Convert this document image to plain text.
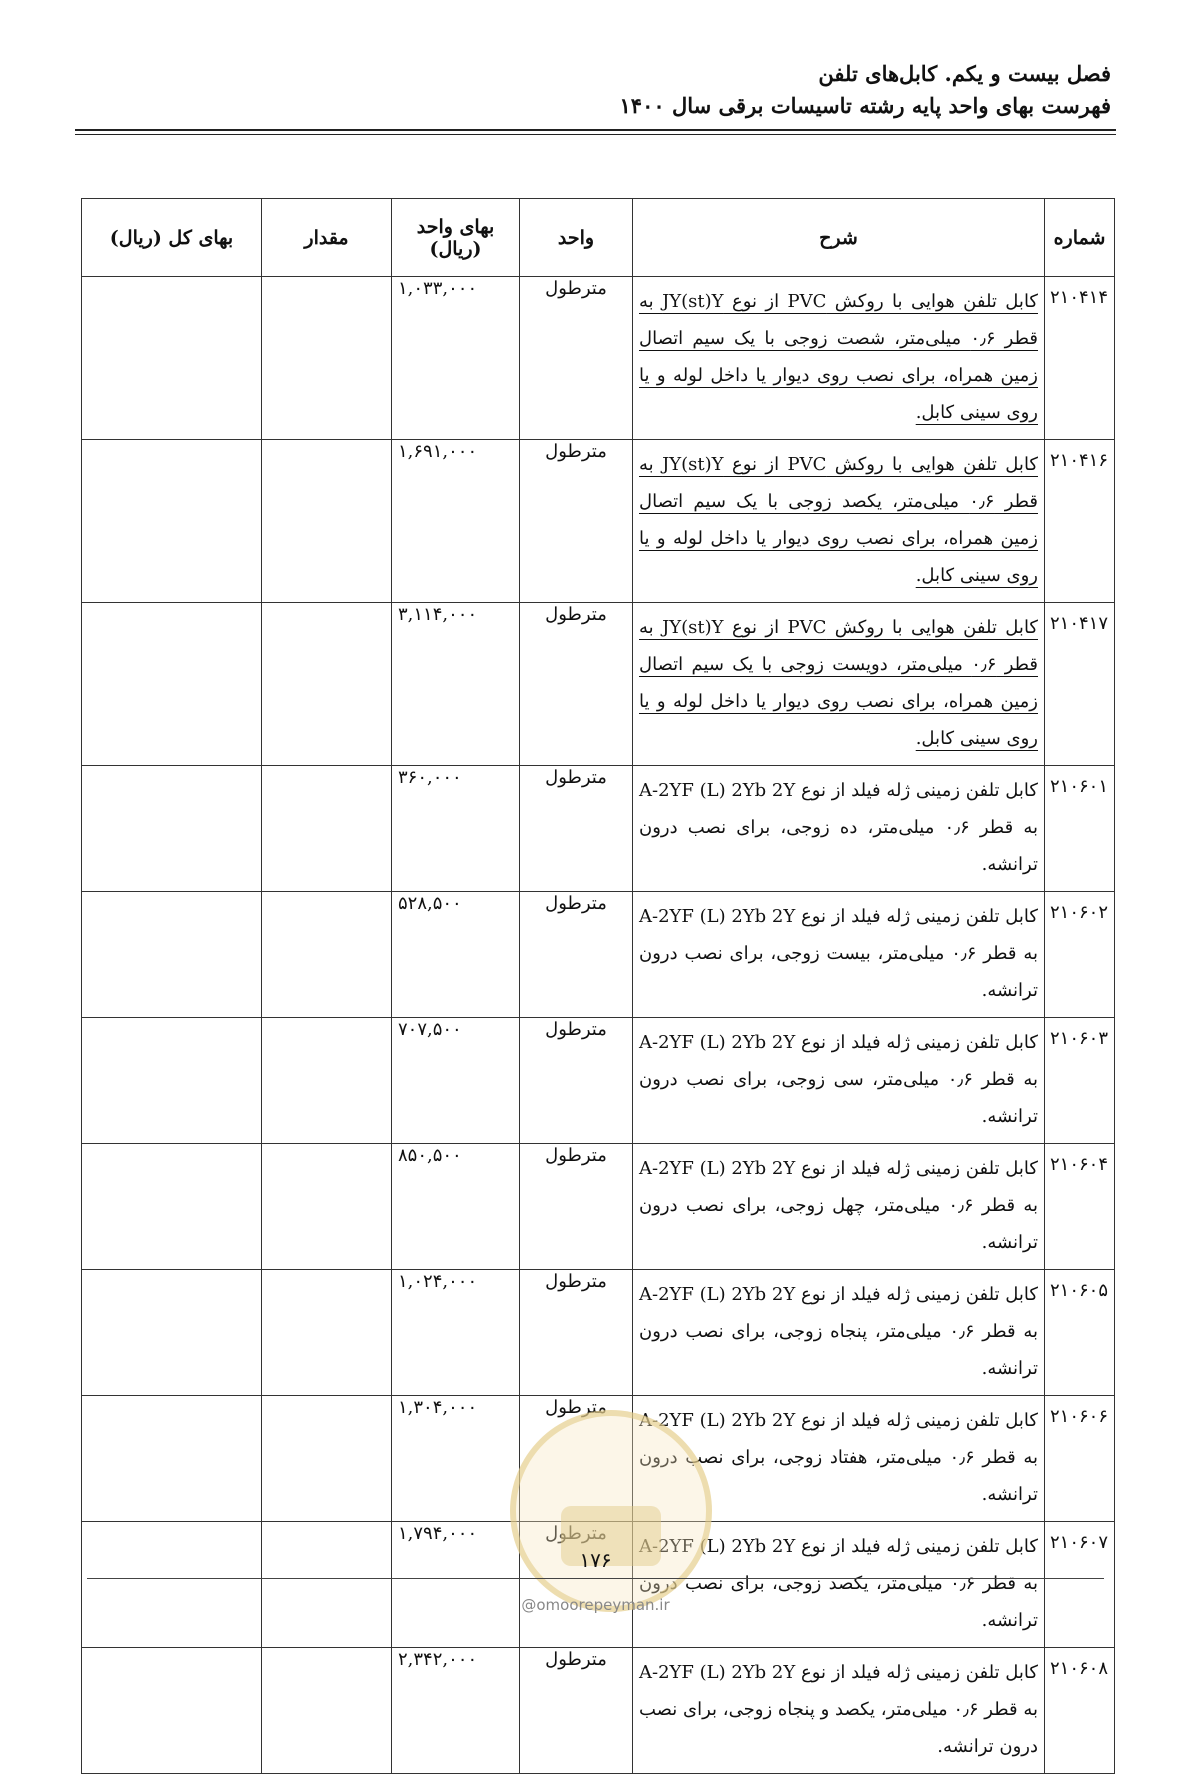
فصل بیست و یکم. کابل‌های تلفن
فهرست بهای واحد پایه رشته تاسیسات برقی سال ۱۴۰۰
شماره	شرح	واحد	بهای واحد (ریال)	مقدار	بهای کل (ریال)
۲۱۰۴۱۴	کابل تلفن هوایی با روکش PVC از نوع JY(st)Y به قطر ۰٫۶ میلی‌متر، شصت زوجی با یک سیم اتصال زمین همراه، برای نصب روی دیوار یا داخل لوله و یا روی سینی کابل.	مترطول	۱,۰۳۳,۰۰۰		
۲۱۰۴۱۶	کابل تلفن هوایی با روکش PVC از نوع JY(st)Y به قطر ۰٫۶ میلی‌متر، یکصد زوجی با یک سیم اتصال زمین همراه، برای نصب روی دیوار یا داخل لوله و یا روی سینی کابل.	مترطول	۱,۶۹۱,۰۰۰		
۲۱۰۴۱۷	کابل تلفن هوایی با روکش PVC از نوع JY(st)Y به قطر ۰٫۶ میلی‌متر، دویست زوجی با یک سیم اتصال زمین همراه، برای نصب روی دیوار یا داخل لوله و یا روی سینی کابل.	مترطول	۳,۱۱۴,۰۰۰		
۲۱۰۶۰۱	کابل تلفن زمینی ژله فیلد از نوع A-2YF (L) 2Yb 2Y به قطر ۰٫۶ میلی‌متر، ده زوجی، برای نصب درون ترانشه.	مترطول	۳۶۰,۰۰۰		
۲۱۰۶۰۲	کابل تلفن زمینی ژله فیلد از نوع A-2YF (L) 2Yb 2Y به قطر ۰٫۶ میلی‌متر، بیست زوجی، برای نصب درون ترانشه.	مترطول	۵۲۸,۵۰۰		
۲۱۰۶۰۳	کابل تلفن زمینی ژله فیلد از نوع A-2YF (L) 2Yb 2Y به قطر ۰٫۶ میلی‌متر، سی زوجی، برای نصب درون ترانشه.	مترطول	۷۰۷,۵۰۰		
۲۱۰۶۰۴	کابل تلفن زمینی ژله فیلد از نوع A-2YF (L) 2Yb 2Y به قطر ۰٫۶ میلی‌متر، چهل زوجی، برای نصب درون ترانشه.	مترطول	۸۵۰,۵۰۰		
۲۱۰۶۰۵	کابل تلفن زمینی ژله فیلد از نوع A-2YF (L) 2Yb 2Y به قطر ۰٫۶ میلی‌متر، پنجاه زوجی، برای نصب درون ترانشه.	مترطول	۱,۰۲۴,۰۰۰		
۲۱۰۶۰۶	کابل تلفن زمینی ژله فیلد از نوع A-2YF (L) 2Yb 2Y به قطر ۰٫۶ میلی‌متر، هفتاد زوجی، برای نصب درون ترانشه.	مترطول	۱,۳۰۴,۰۰۰		
۲۱۰۶۰۷	کابل تلفن زمینی ژله فیلد از نوع A-2YF (L) 2Yb 2Y به قطر ۰٫۶ میلی‌متر، یکصد زوجی، برای نصب درون ترانشه.	مترطول	۱,۷۹۴,۰۰۰		
۲۱۰۶۰۸	کابل تلفن زمینی ژله فیلد از نوع A-2YF (L) 2Yb 2Y به قطر ۰٫۶ میلی‌متر، یکصد و پنجاه زوجی، برای نصب درون ترانشه.	مترطول	۲,۳۴۲,۰۰۰		
۱۷۶
@omoorepeyman.ir
